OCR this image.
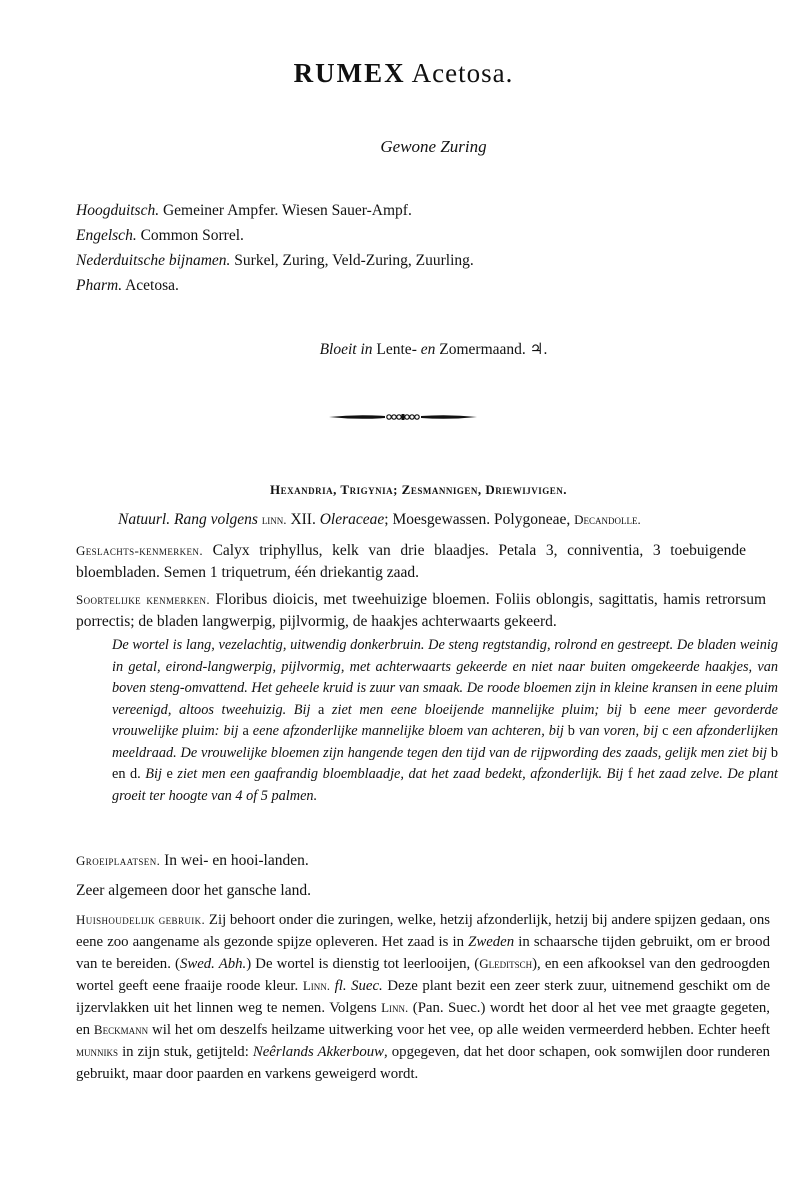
RUMEX Acetosa.
Gewone Zuring
Hoogduitsch. Gemeiner Ampfer. Wiesen Sauer-Ampf.
Engelsch. Common Sorrel.
Nederduitsche bijnamen. Surkel, Zuring, Veld-Zuring, Zuurling.
Pharm. Acetosa.
Bloeit in Lente- en Zomermaand. ♃.
Hexandria, Trigynia; Zesmannigen, Driewijvigen.
Natuurl. Rang volgens linn. XII. Oleraceae; Moesgewassen. Polygoneae, Decandolle.
Geslachts-kenmerken. Calyx triphyllus, kelk van drie blaadjes. Petala 3, conniventia, 3 toebuigende bloembladen. Semen 1 triquetrum, één driekantig zaad.
Soortelijke kenmerken. Floribus dioicis, met tweehuizige bloemen. Foliis oblongis, sagittatis, hamis retrorsum porrectis; de bladen langwerpig, pijlvormig, de haakjes achterwaarts gekeerd.
De wortel is lang, vezelachtig, uitwendig donkerbruin. De steng regtstandig, rolrond en gestreept. De bladen weinig in getal, eirond-langwerpig, pijlvormig, met achterwaarts gekeerde en niet naar buiten omgekeerde haakjes, van boven steng-omvattend. Het geheele kruid is zuur van smaak. De roode bloemen zijn in kleine kransen in eene pluim vereenigd, altoos tweehuizig. Bij a ziet men eene bloeijende mannelijke pluim; bij b eene meer gevorderde vrouwelijke pluim: bij a eene afzonderlijke mannelijke bloem van achteren, bij b van voren, bij c een afzonderlijken meeldraad. De vrouwelijke bloemen zijn hangende tegen den tijd van de rijpwording des zaads, gelijk men ziet bij b en d. Bij e ziet men een gaafrandig bloemblaadje, dat het zaad bedekt, afzonderlijk. Bij f het zaad zelve. De plant groeit ter hoogte van 4 of 5 palmen.
Groeiplaatsen. In wei- en hooi-landen.
Zeer algemeen door het gansche land.
Huishoudelijk gebruik. Zij behoort onder die zuringen, welke, hetzij afzonderlijk, hetzij bij andere spijzen gedaan, ons eene zoo aangename als gezonde spijze opleveren. Het zaad is in Zweden in schaarsche tijden gebruikt, om er brood van te bereiden. (Swed. Abh.) De wortel is dienstig tot leerlooijen, (Gleditsch), en een afkooksel van den gedroogden wortel geeft eene fraaije roode kleur. Linn. fl. Suec. Deze plant bezit een zeer sterk zuur, uitnemend geschikt om de ijzervlakken uit het linnen weg te nemen. Volgens Linn. (Pan. Suec.) wordt het door al het vee met graagte gegeten, en Beckmann wil het om deszelfs heilzame uitwerking voor het vee, op alle weiden vermeerderd hebben. Echter heeft munniks in zijn stuk, getijteld: Neêrlands Akkerbouw, opgegeven, dat het door schapen, ook somwijlen door runderen gebruikt, maar door paarden en varkens geweigerd wordt.
